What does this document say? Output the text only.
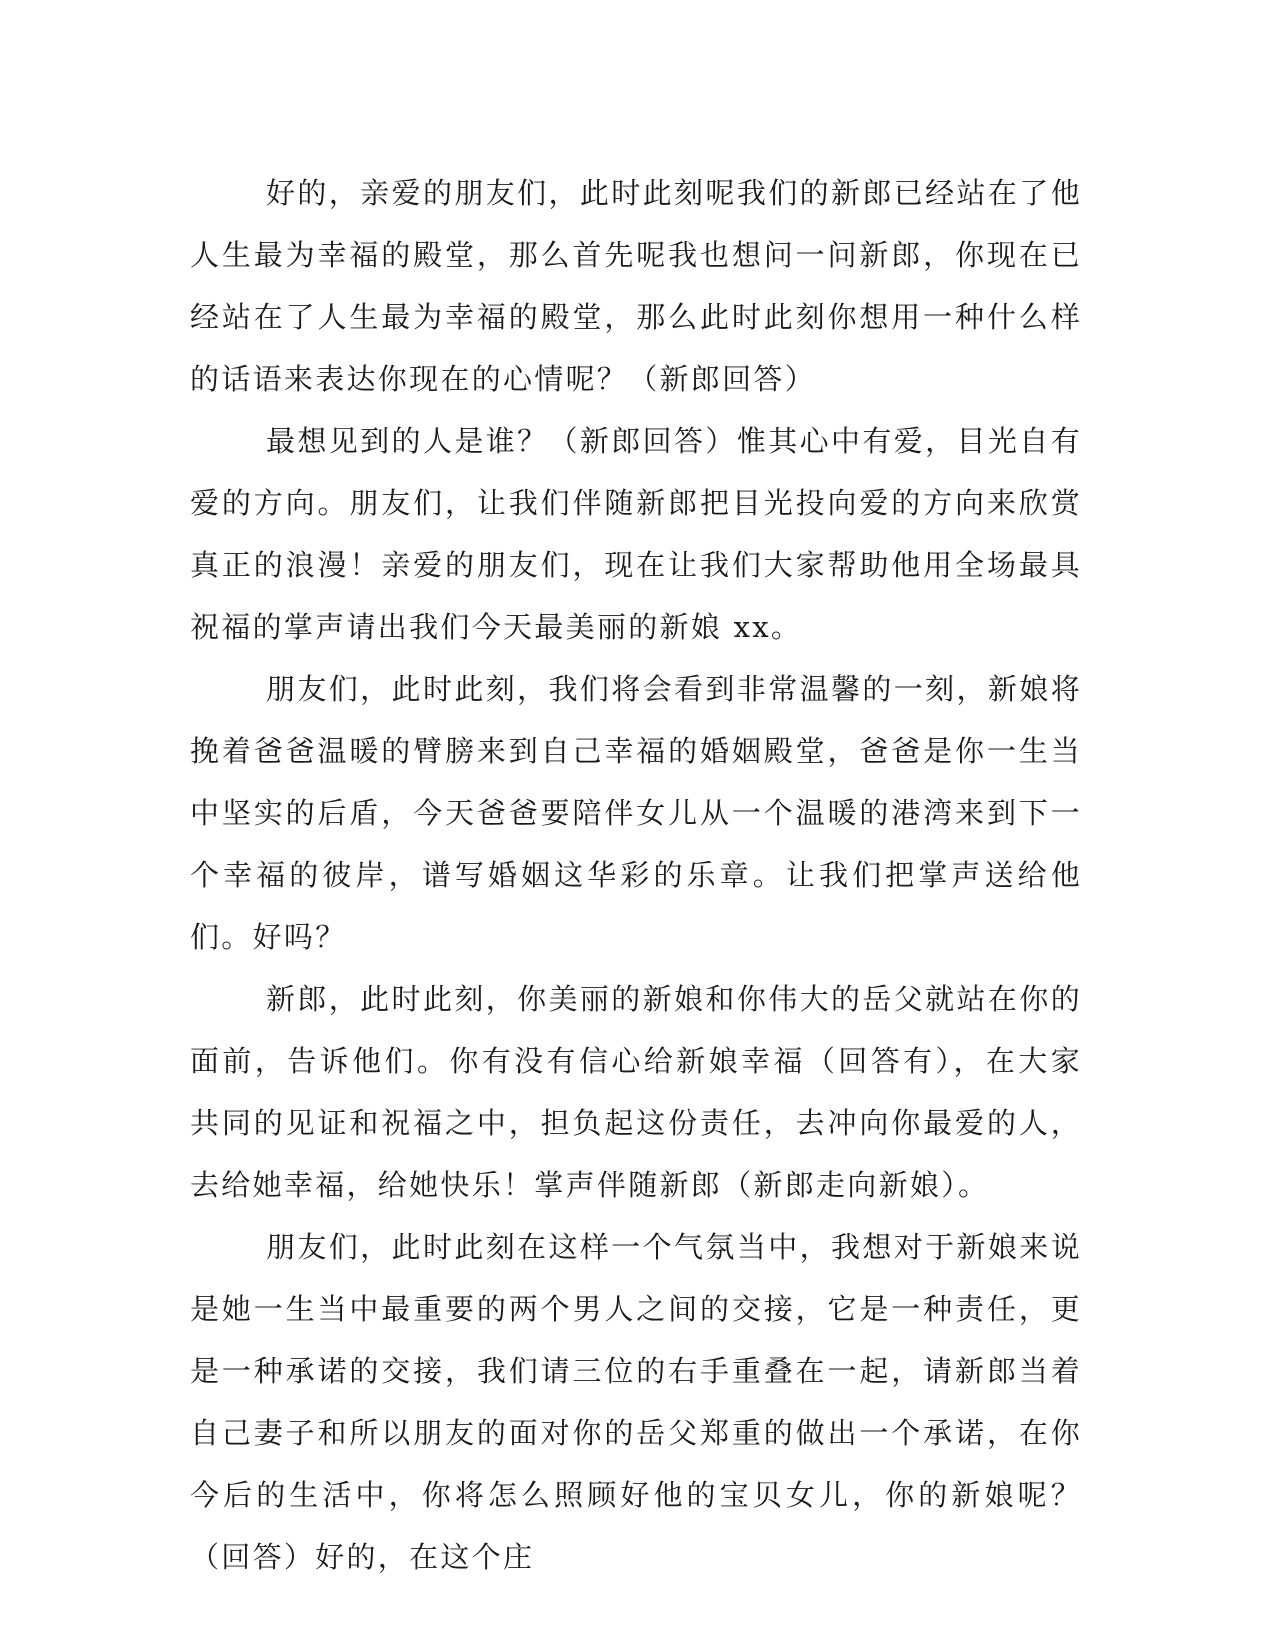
好的，亲爱的朋友们，此时此刻呢我们的新郎已经站在了他人生最为幸福的殿堂，那么首先呢我也想问一问新郎，你现在已经站在了人生最为幸福的殿堂，那么此时此刻你想用一种什么样的话语来表达你现在的心情呢？（新郎回答）

最想见到的人是谁？（新郎回答）惟其心中有爱，目光自有爱的方向。朋友们，让我们伴随新郎把目光投向爱的方向来欣赏真正的浪漫！亲爱的朋友们，现在让我们大家帮助他用全场最具祝福的掌声请出我们今天最美丽的新娘 xx。

朋友们，此时此刻，我们将会看到非常温馨的一刻，新娘将挽着爸爸温暖的臂膀来到自己幸福的婚姻殿堂，爸爸是你一生当中坚实的后盾，今天爸爸要陪伴女儿从一个温暖的港湾来到下一个幸福的彼岸，谱写婚姻这华彩的乐章。让我们把掌声送给他们。好吗？

新郎，此时此刻，你美丽的新娘和你伟大的岳父就站在你的面前，告诉他们。你有没有信心给新娘幸福（回答有），在大家共同的见证和祝福之中，担负起这份责任，去冲向你最爱的人，去给她幸福，给她快乐！掌声伴随新郎（新郎走向新娘）。

朋友们，此时此刻在这样一个气氛当中，我想对于新娘来说是她一生当中最重要的两个男人之间的交接，它是一种责任，更是一种承诺的交接，我们请三位的右手重叠在一起，请新郎当着自己妻子和所以朋友的面对你的岳父郑重的做出一个承诺，在你今后的生活中，你将怎么照顾好他的宝贝女儿，你的新娘呢？（回答）好的，在这个庄
